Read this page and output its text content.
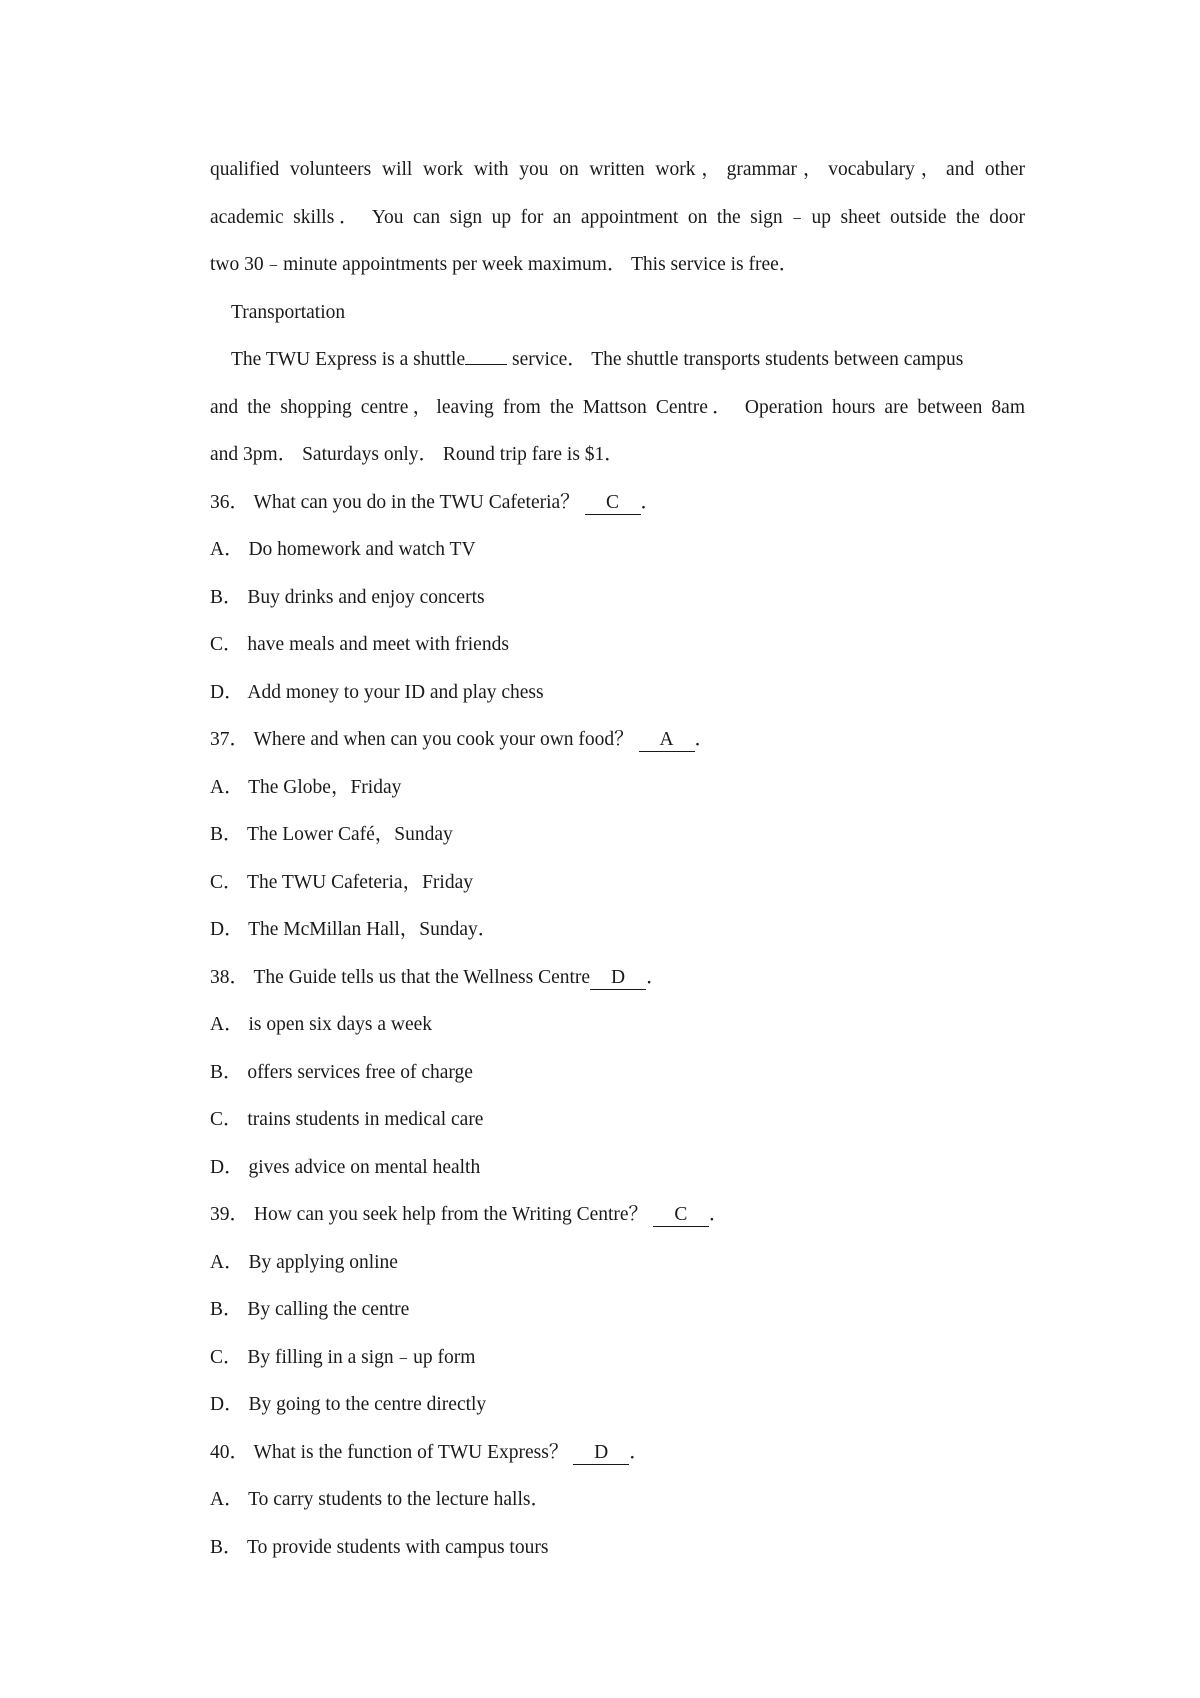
qualified volunteers will work with you on written work，grammar，vocabulary，and other
academic skills． You can sign up for an appointment on the sign﹣up sheet outside the door
two 30﹣minute appointments per week maximum． This service is free．
Transportation
The TWU Express is a shuttle service． The shuttle transports students between campus
and the shopping centre，leaving from the Mattson Centre． Operation hours are between 8am
and 3pm． Saturdays only． Round trip fare is $1．
36． What can you do in the TWU Cafeteria？ C ．
A． Do homework and watch TV
B． Buy drinks and enjoy concerts
C． have meals and meet with friends
D． Add money to your ID and play chess
37． Where and when can you cook your own food？ A ．
A． The Globe，Friday
B． The Lower Café，Sunday
C． The TWU Cafeteria，Friday
D． The McMillan Hall，Sunday．
38． The Guide tells us that the Wellness Centre D ．
A． is open six days a week
B． offers services free of charge
C． trains students in medical care
D． gives advice on mental health
39． How can you seek help from the Writing Centre？ C ．
A． By applying online
B． By calling the centre
C． By filling in a sign﹣up form
D． By going to the centre directly
40． What is the function of TWU Express？ D ．
A． To carry students to the lecture halls．
B． To provide students with campus tours
